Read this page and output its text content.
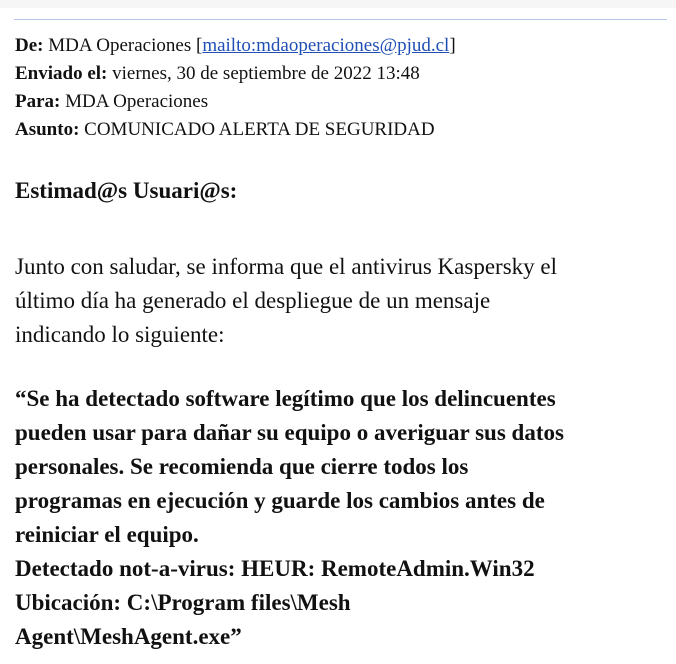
De: MDA Operaciones [mailto:mdaoperaciones@pjud.cl]
Enviado el: viernes, 30 de septiembre de 2022 13:48
Para: MDA Operaciones
Asunto: COMUNICADO ALERTA DE SEGURIDAD
Estimad@s Usuari@s:
Junto con saludar, se informa que el antivirus Kaspersky el
último día ha generado el despliegue de un mensaje
indicando lo siguiente:
“Se ha detectado software legítimo que los delincuentes
pueden usar para dañar su equipo o averiguar sus datos
personales. Se recomienda que cierre todos los
programas en ejecución y guarde los cambios antes de
reiniciar el equipo.
Detectado not-a-virus: HEUR: RemoteAdmin.Win32
Ubicación: C:\Program files\Mesh
Agent\MeshAgent.exe”
